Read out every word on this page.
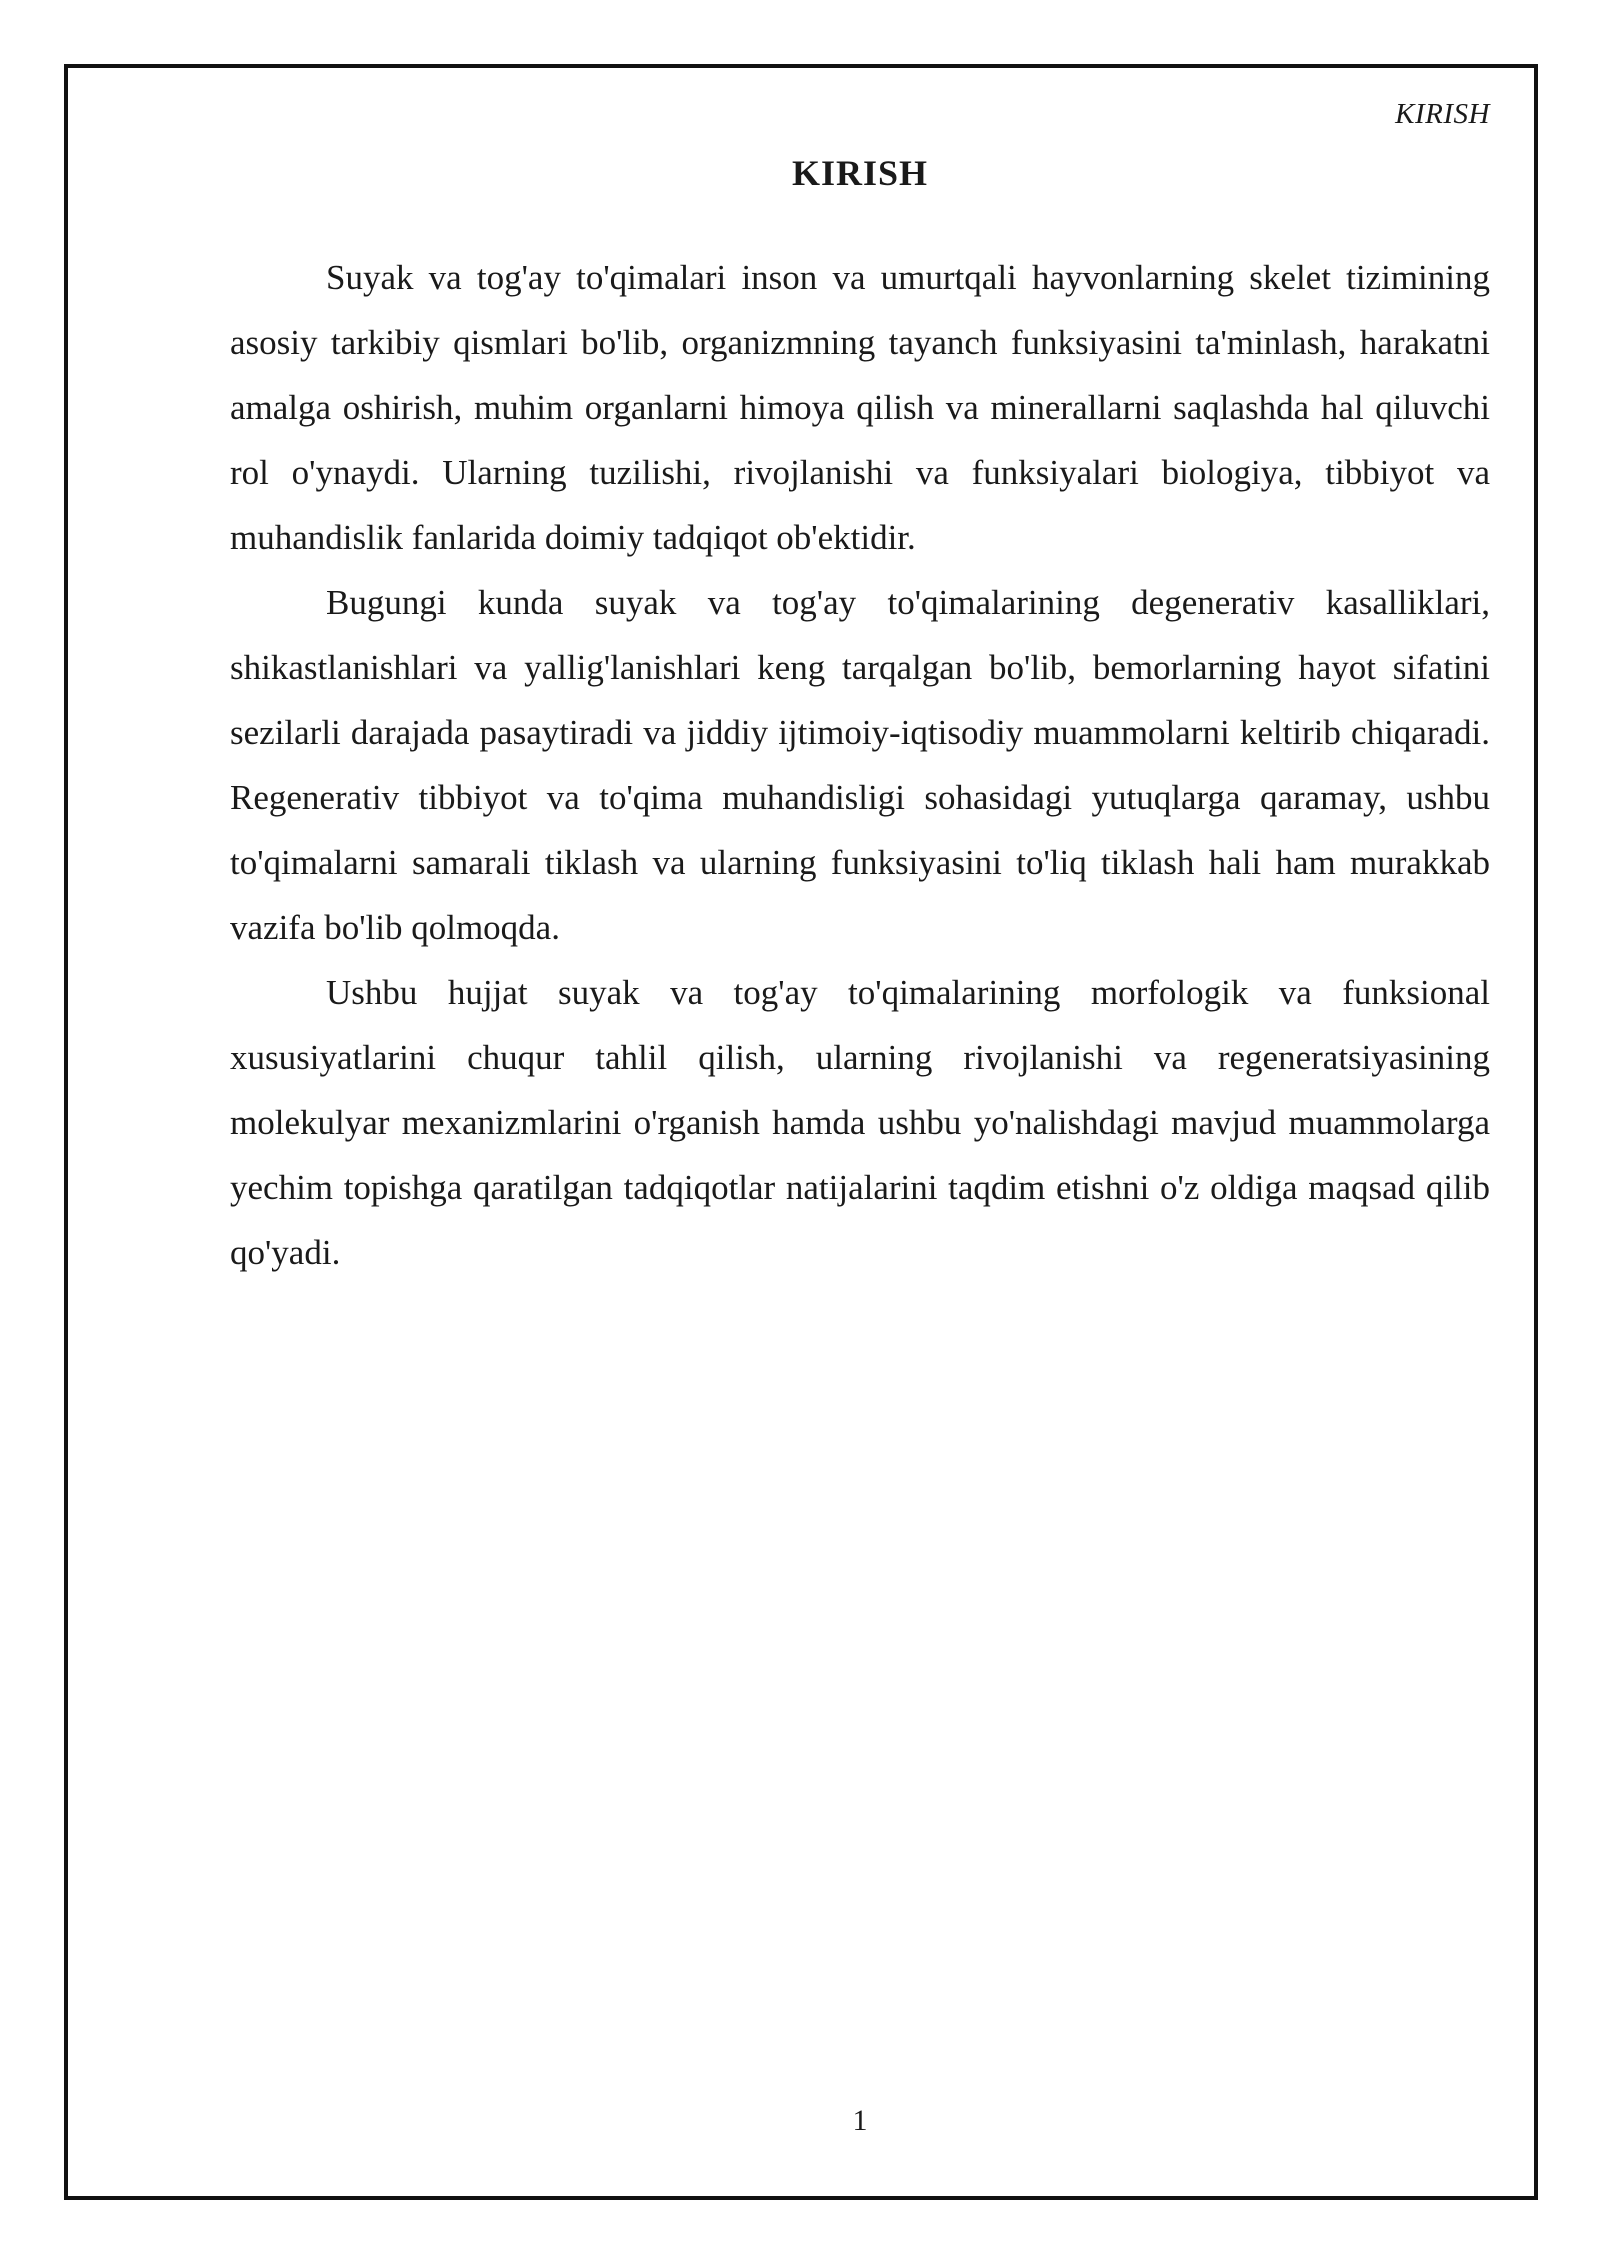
KIRISH
KIRISH

Suyak va tog'ay to'qimalari inson va umurtqali hayvonlarning skelet tizimining asosiy tarkibiy qismlari bo'lib, organizmning tayanch funksiyasini ta'minlash, harakatni amalga oshirish, muhim organlarni himoya qilish va minerallarni saqlashda hal qiluvchi rol o'ynaydi. Ularning tuzilishi, rivojlanishi va funksiyalari biologiya, tibbiyot va muhandislik fanlarida doimiy tadqiqot ob'ektidir.

Bugungi kunda suyak va tog'ay to'qimalarining degenerativ kasalliklari, shikastlanishlari va yallig'lanishlari keng tarqalgan bo'lib, bemorlarning hayot sifatini sezilarli darajada pasaytiradi va jiddiy ijtimoiy-iqtisodiy muammolarni keltirib chiqaradi. Regenerativ tibbiyot va to'qima muhandisligi sohasidagi yutuqlarga qaramay, ushbu to'qimalarni samarali tiklash va ularning funksiyasini to'liq tiklash hali ham murakkab vazifa bo'lib qolmoqda.

Ushbu hujjat suyak va tog'ay to'qimalarining morfologik va funksional xususiyatlarini chuqur tahlil qilish, ularning rivojlanishi va regeneratsiyasining molekulyar mexanizmlarini o'rganish hamda ushbu yo'nalishdagi mavjud muammolarga yechim topishga qaratilgan tadqiqotlar natijalarini taqdim etishni o'z oldiga maqsad qilib qo'yadi.

1
